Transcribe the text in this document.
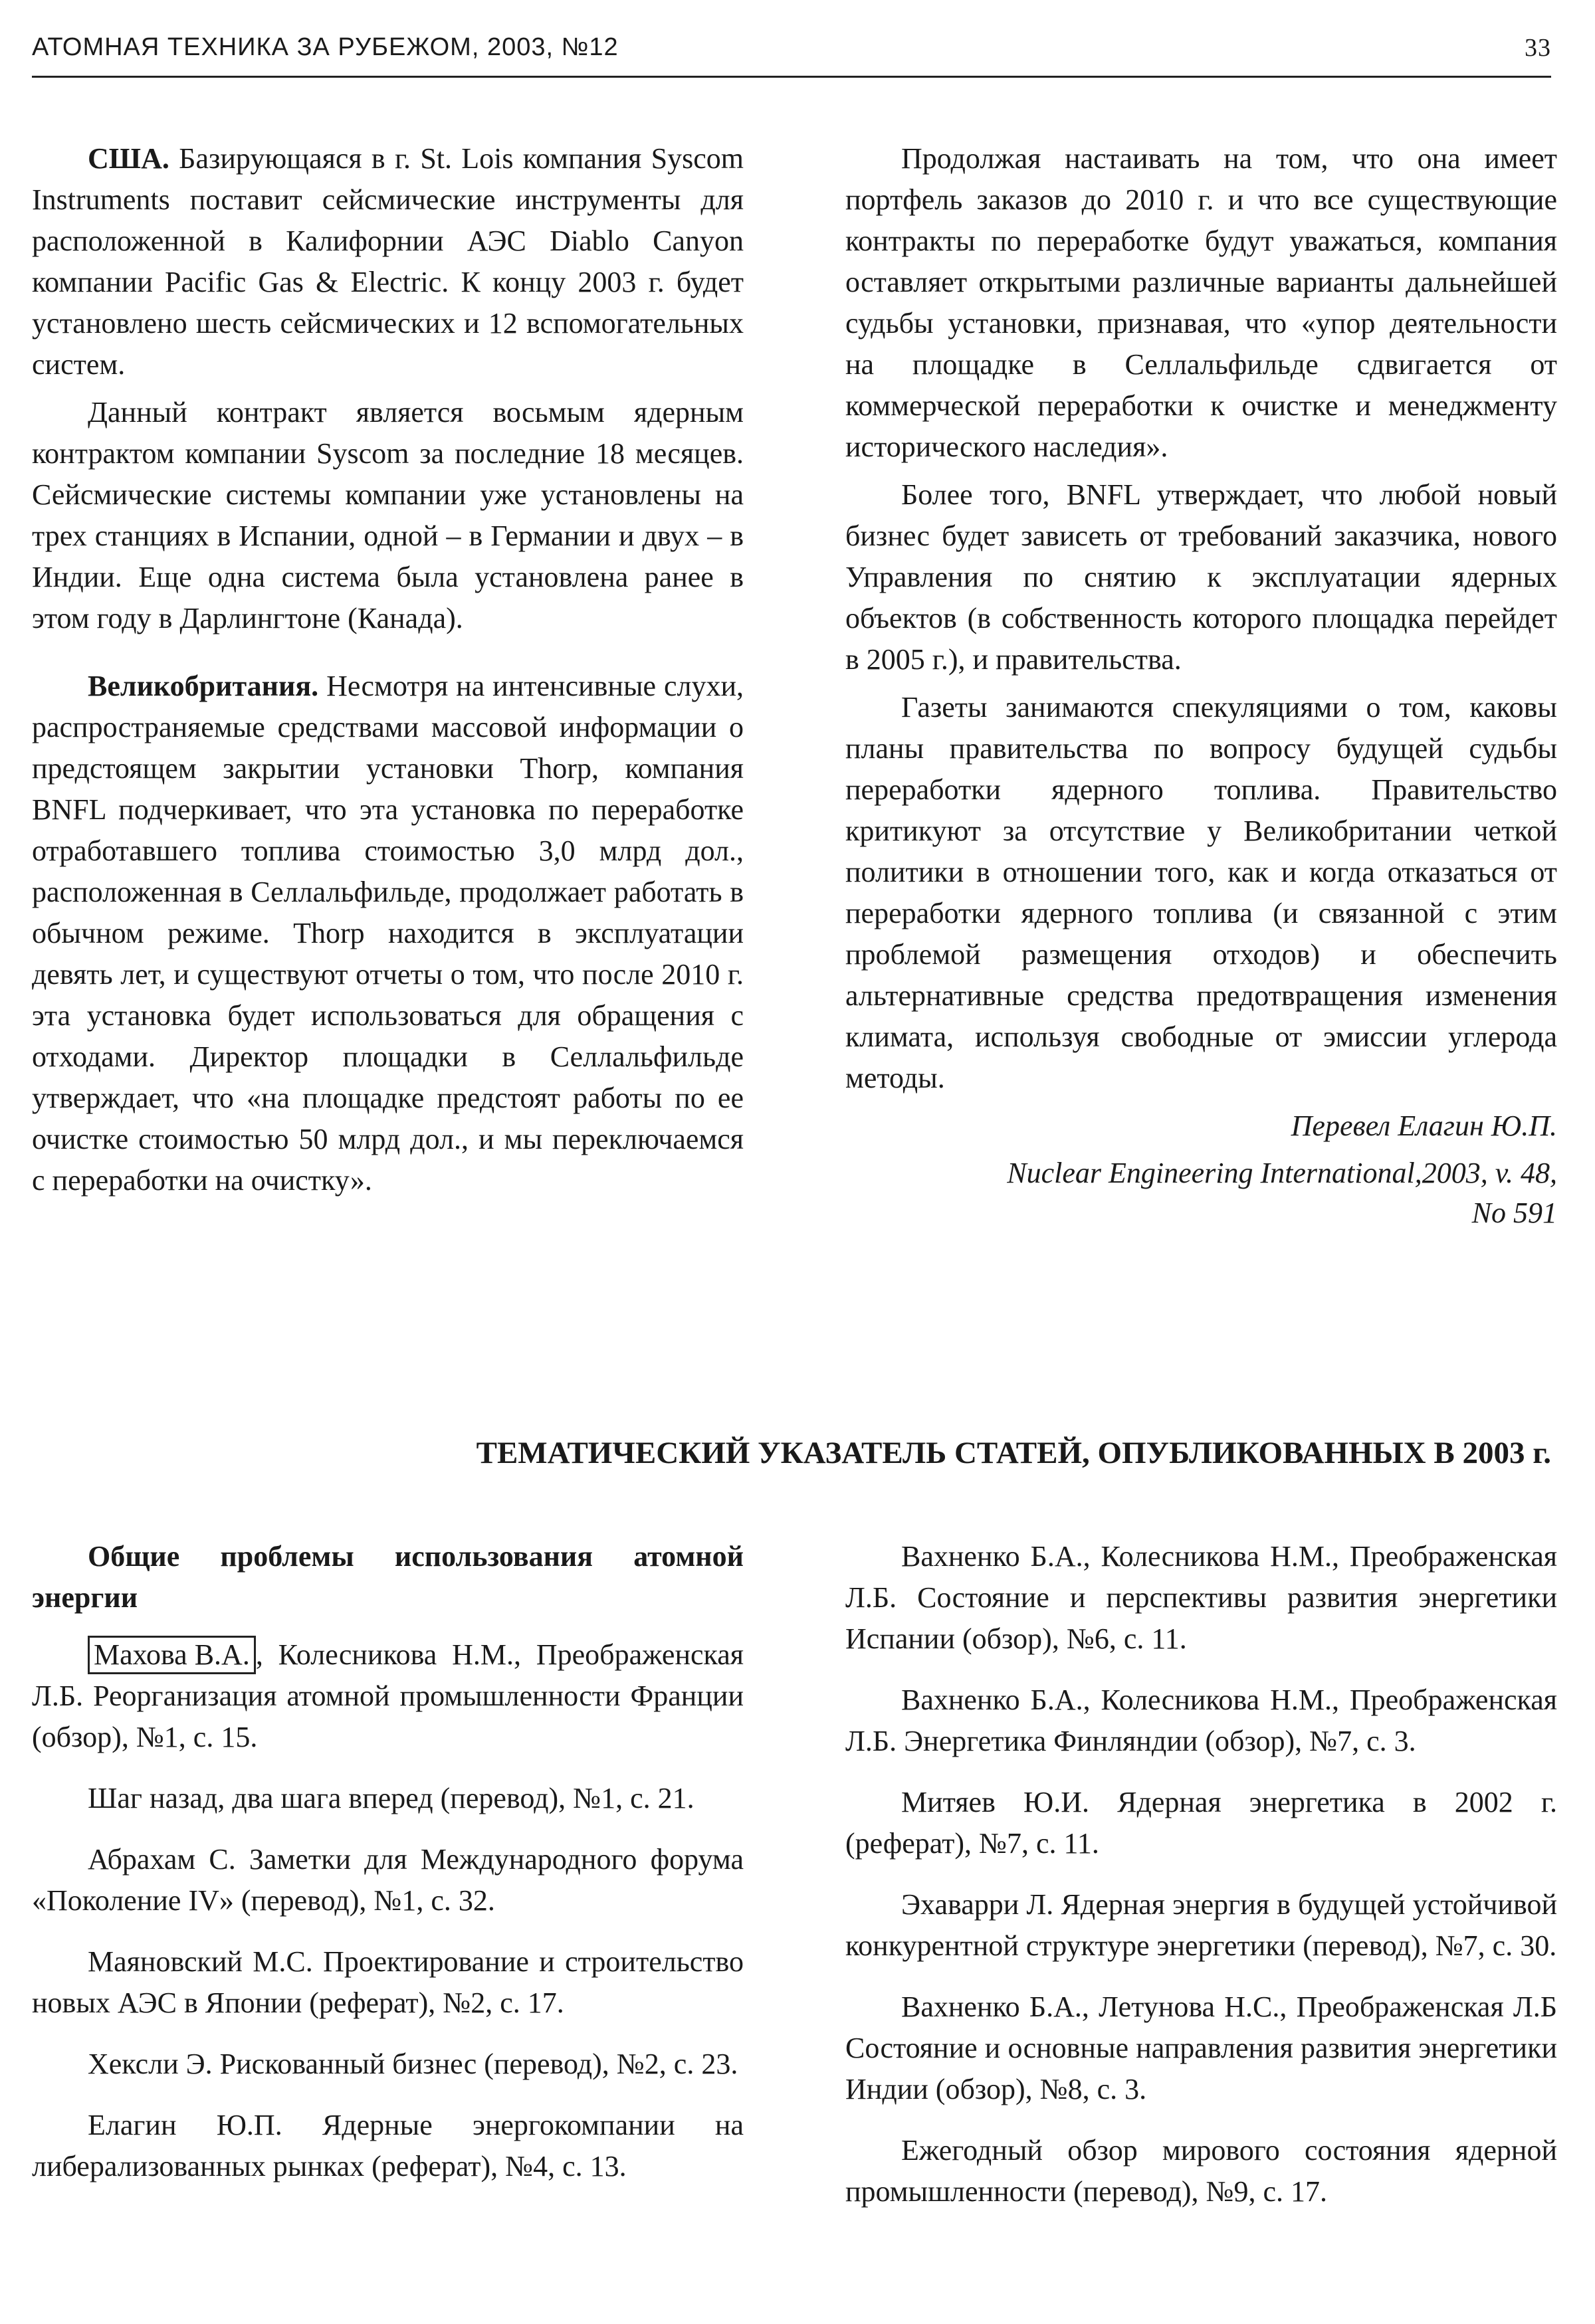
АТОМНАЯ ТЕХНИКА ЗА РУБЕЖОМ, 2003, №12	33

США. Базирующаяся в г. St. Lois компания Syscom Instruments поставит сейсмические инструменты для расположенной в Калифорнии АЭС Diablo Canyon компании Pacific Gas & Electric. К концу 2003 г. будет установлено шесть сейсмических и 12 вспомогательных систем.

Данный контракт является восьмым ядерным контрактом компании Syscom за последние 18 месяцев. Сейсмические системы компании уже установлены на трех станциях в Испании, одной – в Германии и двух – в Индии. Еще одна система была установлена ранее в этом году в Дарлингтоне (Канада).

Великобритания. Несмотря на интенсивные слухи, распространяемые средствами массовой информации о предстоящем закрытии установки Thorp, компания BNFL подчеркивает, что эта установка по переработке отработавшего топлива стоимостью 3,0 млрд дол., расположенная в Селлальфильде, продолжает работать в обычном режиме. Thorp находится в эксплуатации девять лет, и существуют отчеты о том, что после 2010 г. эта установка будет использоваться для обращения с отходами. Директор площадки в Селлальфильде утверждает, что «на площадке предстоят работы по ее очистке стоимостью 50 млрд дол., и мы переключаемся с переработки на очистку».

Продолжая настаивать на том, что она имеет портфель заказов до 2010 г. и что все существующие контракты по переработке будут уважаться, компания оставляет открытыми различные варианты дальнейшей судьбы установки, признавая, что «упор деятельности на площадке в Селлальфильде сдвигается от коммерческой переработки к очистке и менеджменту исторического наследия».

Более того, BNFL утверждает, что любой новый бизнес будет зависеть от требований заказчика, нового Управления по снятию к эксплуатации ядерных объектов (в собственность которого площадка перейдет в 2005 г.), и правительства.

Газеты занимаются спекуляциями о том, каковы планы правительства по вопросу будущей судьбы переработки ядерного топлива. Правительство критикуют за отсутствие у Великобритании четкой политики в отношении того, как и когда отказаться от переработки ядерного топлива (и связанной с этим проблемой размещения отходов) и обеспечить альтернативные средства предотвращения изменения климата, используя свободные от эмиссии углерода методы.

Перевел Елагин Ю.П.

Nuclear Engineering International,2003, v. 48,
No 591

ТЕМАТИЧЕСКИЙ УКАЗАТЕЛЬ СТАТЕЙ, ОПУБЛИКОВАННЫХ В 2003 г.

Общие проблемы использования атомной энергии

Махова В.А. , Колесникова Н.М., Преображенская Л.Б. Реорганизация атомной промышленности Франции (обзор), №1, с. 15.

Шаг назад, два шага вперед (перевод), №1, с. 21.

Абрахам С. Заметки для Международного форума «Поколение IV» (перевод), №1, с. 32.

Маяновский М.С. Проектирование и строительство новых АЭС в Японии (реферат), №2, с. 17.

Хексли Э. Рискованный бизнес (перевод), №2, с. 23.

Елагин Ю.П. Ядерные энергокомпании на либерализованных рынках (реферат), №4, с. 13.

Вахненко Б.А., Колесникова Н.М., Преображенская Л.Б. Состояние и перспективы развития энергетики Испании (обзор), №6, с. 11.

Вахненко Б.А., Колесникова Н.М., Преображенская Л.Б. Энергетика Финляндии (обзор), №7, с. 3.

Митяев Ю.И. Ядерная энергетика в 2002 г. (реферат), №7, с. 11.

Эхаварри Л. Ядерная энергия в будущей устойчивой конкурентной структуре энергетики (перевод), №7, с. 30.

Вахненко Б.А., Летунова Н.С., Преображенская Л.Б Состояние и основные направления развития энергетики Индии (обзор), №8, с. 3.

Ежегодный обзор мирового состояния ядерной промышленности (перевод), №9, с. 17.
